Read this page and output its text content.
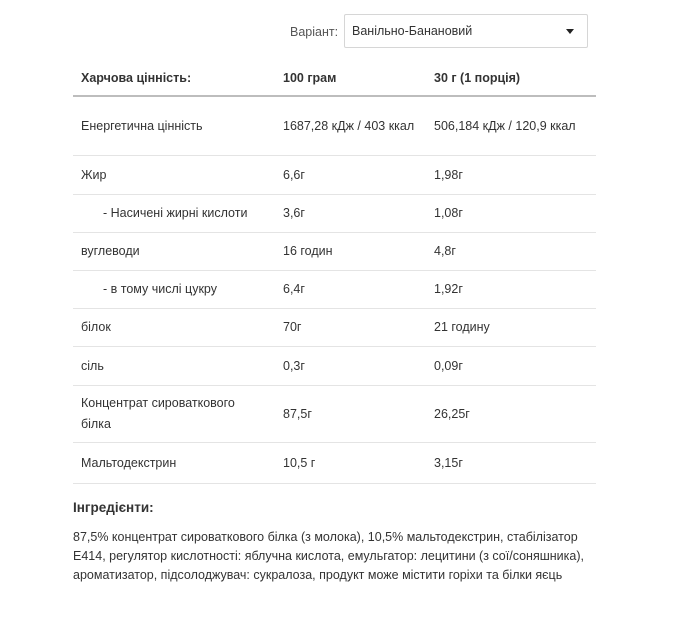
Варіант:	Ванільно-Банановий
Харчова цінність:	100 грам	30 г (1 порція)
Енергетична цінність	1687,28 кДж / 403 ккал	506,184 кДж / 120,9 ккал
Жир	6,6г	1,98г
- Насичені жирні кислоти	3,6г	1,08г
вуглеводи	16 годин	4,8г
- в тому числі цукру	6,4г	1,92г
білок	70г	21 годину
сіль	0,3г	0,09г
Концентрат сироваткового білка	87,5г	26,25г
Мальтодекстрин	10,5 г	3,15г
Інгредієнти:
87,5% концентрат сироваткового білка (з молока), 10,5% мальтодекстрин, стабілізатор Е414, регулятор кислотності: яблучна кислота, емульгатор: лецитини (з сої/соняшника), ароматизатор, підсолоджувач: сукралоза, продукт може містити горіхи та білки яєць
